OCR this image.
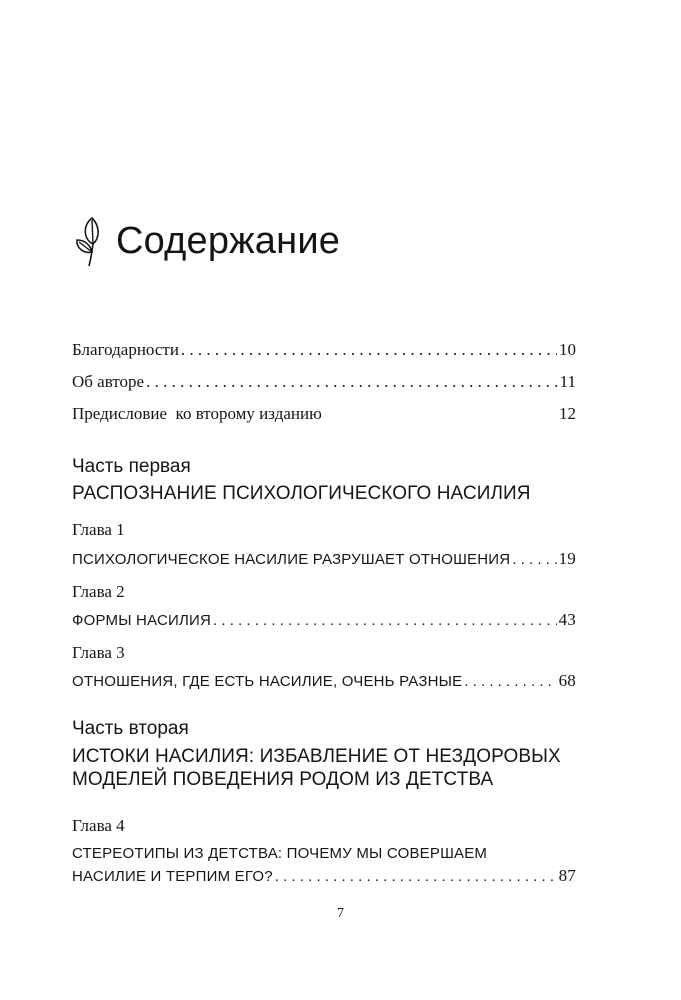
Содержание
Благодарности . .	10
Об авторе . .	11
Предисловие  ко второму изданию	12
Часть первая
РАСПОЗНАНИЕ ПСИХОЛОГИЧЕСКОГО НАСИЛИЯ
Глава 1
ПСИХОЛОГИЧЕСКОЕ НАСИЛИЕ РАЗРУШАЕТ ОТНОШЕНИЯ . .	19
Глава 2
ФОРМЫ НАСИЛИЯ . .	43
Глава 3
ОТНОШЕНИЯ, ГДЕ ЕСТЬ НАСИЛИЕ, ОЧЕНЬ РАЗНЫЕ . .	68
Часть вторая
ИСТОКИ НАСИЛИЯ: ИЗБАВЛЕНИЕ ОТ НЕЗДОРОВЫХ
МОДЕЛЕЙ ПОВЕДЕНИЯ РОДОМ ИЗ ДЕТСТВА
Глава 4
СТЕРЕОТИПЫ ИЗ ДЕТСТВА: ПОЧЕМУ МЫ СОВЕРШАЕМ
НАСИЛИЕ И ТЕРПИМ ЕГО? . .	87
7
